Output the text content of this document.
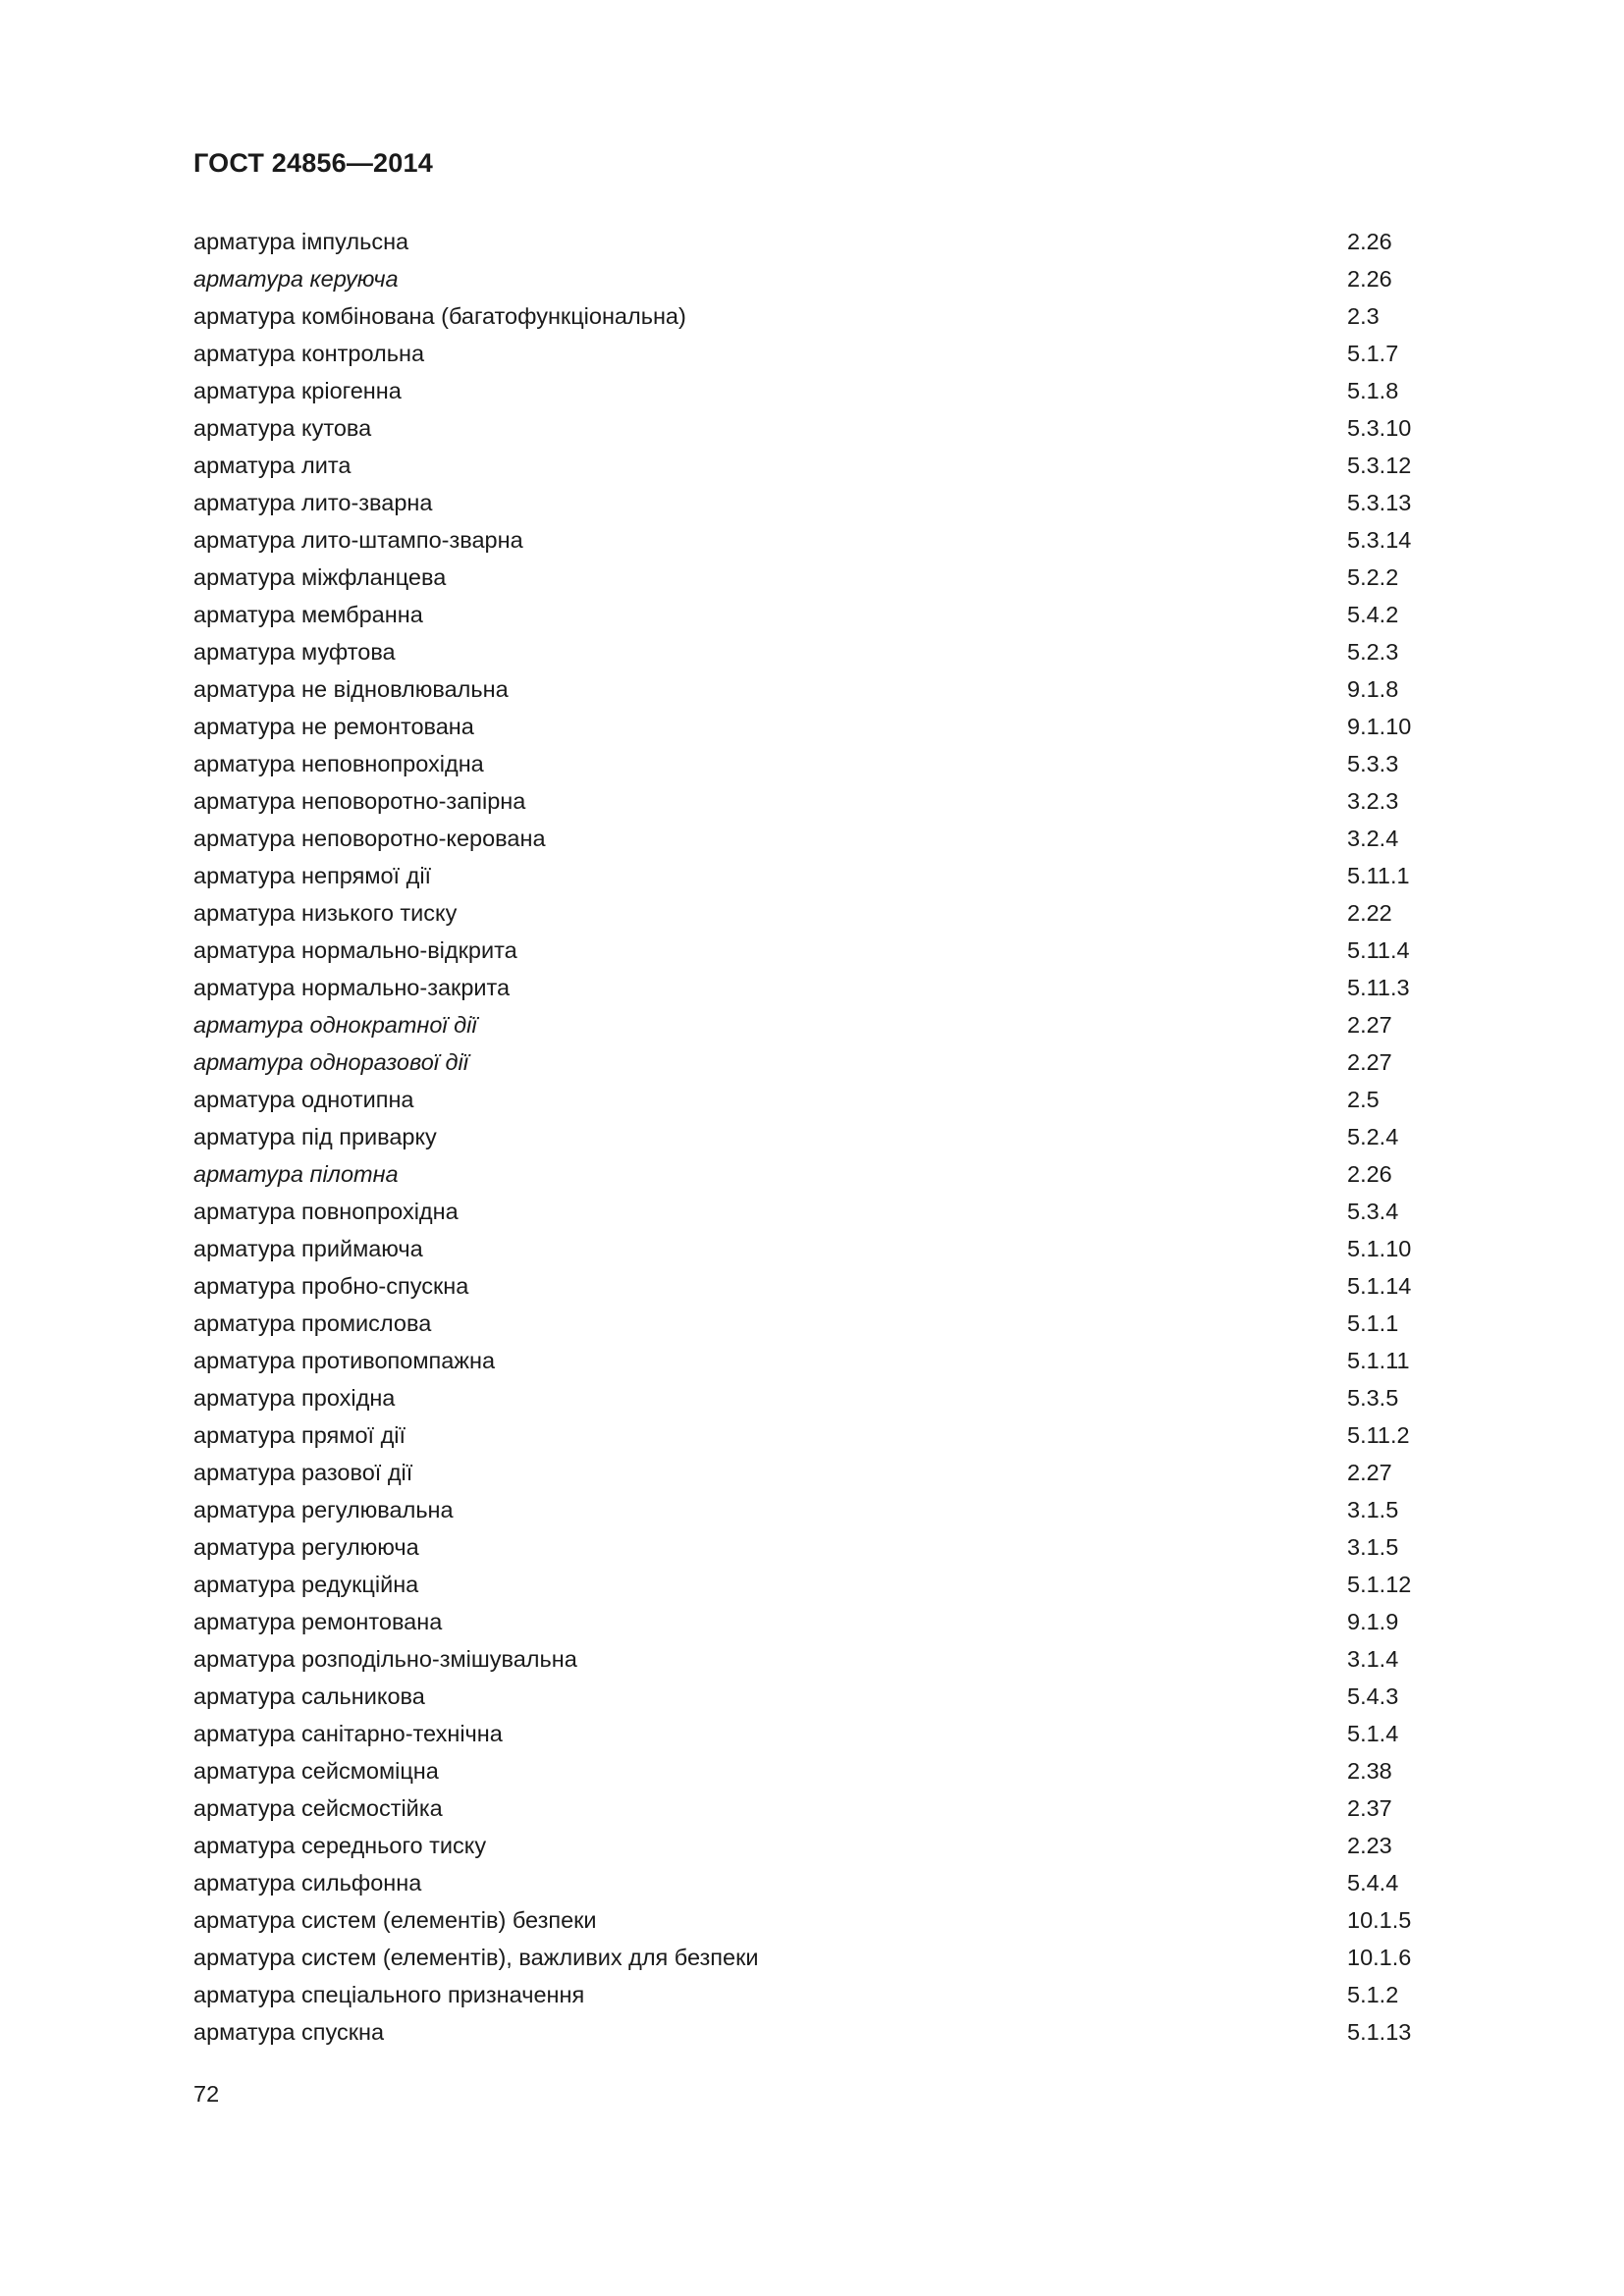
ГОСТ 24856—2014
арматура імпульсна	2.26
арматура керуюча	2.26
арматура комбінована (багатофункціональна)	2.3
арматура контрольна	5.1.7
арматура кріогенна	5.1.8
арматура кутова	5.3.10
арматура лита	5.3.12
арматура лито-зварна	5.3.13
арматура лито-штампо-зварна	5.3.14
арматура міжфланцева	5.2.2
арматура мембранна	5.4.2
арматура муфтова	5.2.3
арматура не відновлювальна	9.1.8
арматура не ремонтована	9.1.10
арматура неповнопрохідна	5.3.3
арматура неповоротно-запірна	3.2.3
арматура неповоротно-керована	3.2.4
арматура непрямої дії	5.11.1
арматура низького тиску	2.22
арматура нормально-відкрита	5.11.4
арматура нормально-закрита	5.11.3
арматура однократної дії	2.27
арматура одноразової дії	2.27
арматура однотипна	2.5
арматура під приварку	5.2.4
арматура пілотна	2.26
арматура повнопрохідна	5.3.4
арматура приймаюча	5.1.10
арматура пробно-спускна	5.1.14
арматура промислова	5.1.1
арматура противопомпажна	5.1.11
арматура прохідна	5.3.5
арматура прямої дії	5.11.2
арматура разової дії	2.27
арматура регулювальна	3.1.5
арматура регулююча	3.1.5
арматура редукційна	5.1.12
арматура ремонтована	9.1.9
арматура розподільно-змішувальна	3.1.4
арматура сальникова	5.4.3
арматура санітарно-технічна	5.1.4
арматура сейсмоміцна	2.38
арматура сейсмостійка	2.37
арматура середнього тиску	2.23
арматура сильфонна	5.4.4
арматура систем (елементів) безпеки	10.1.5
арматура систем (елементів), важливих для безпеки	10.1.6
арматура спеціального призначення	5.1.2
арматура спускна	5.1.13
72
